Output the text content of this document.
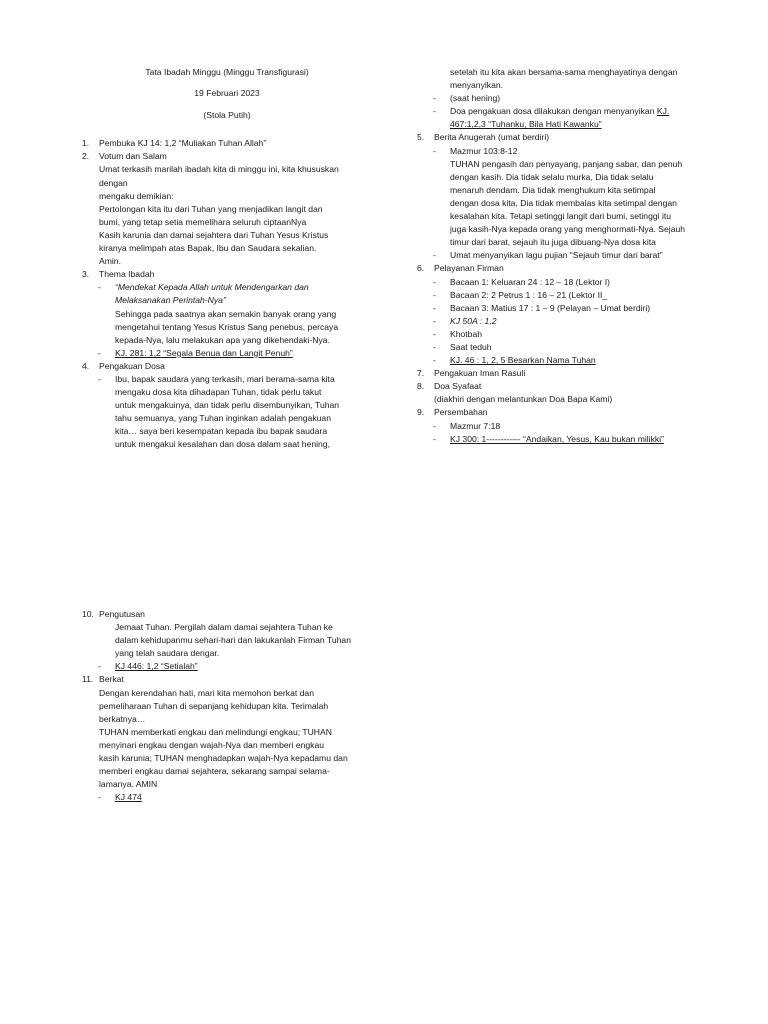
Tata Ibadah Minggu (Minggu Transfigurasi)
19 Februari 2023
(Stola Putih)
1. Pembuka KJ 14: 1,2 “Muliakan Tuhan Allah”
2. Votum dan Salam
Umat terkasih marilah ibadah kita di minggu ini, kita khususkan
dengan
mengaku demikian:
Pertolongan kita itu dari Tuhan yang menjadikan langit dan
bumi, yang tetap setia memelihara seluruh ciptaanNya
Kasih karunia dan damai sejahtera dari Tuhan Yesus Kristus
kiranya melimpah atas Bapak, Ibu dan Saudara sekalian.
Amin.
3. Thema Ibadah
- “Mendekat Kepada Allah untuk Mendengarkan dan
Melaksanakan Perintah-Nya”
Sehingga pada saatnya akan semakin banyak orang yang
mengetahui tentang Yesus Kristus Sang penebus, percaya
kepada-Nya, lalu melakukan apa yang dikehendaki-Nya.
- KJ. 281: 1,2 “Segala Benua dan Langit Penuh”
4. Pengakuan Dosa
- Ibu, bapak saudara yang terkasih, mari berama-sama kita
mengaku dosa kita dihadapan Tuhan, tidak perlu takut
untuk mengakuinya, dan tidak perlu disembunyikan, Tuhan
tahu semuanya, yang Tuhan inginkan adalah pengakuan
kita… saya beri kesempatan kepada ibu bapak saudara
untuk mengakui kesalahan dan dosa dalam saat hening,
setelah itu kita akan bersama-sama menghayatinya dengan
menyanyikan.
- (saat hening)
- Doa pengakuan dosa dilakukan dengan menyanyikan KJ.
467:1,2,3 “Tuhanku, Bila Hati Kawanku”
5. Berita Anugerah (umat berdiri)
- Mazmur 103:8-12
TUHAN pengasih dan penyayang, panjang sabar, dan penuh
dengan kasih. Dia tidak selalu murka, Dia tidak selalu
menaruh dendam. Dia tidak menghukum kita setimpal
dengan dosa kita, Dia tidak membalas kita setimpal dengan
kesalahan kita. Tetapi setinggi langit dari bumi, setinggi itu
juga kasih-Nya kepada orang yang menghormati-Nya. Sejauh
timur dari barat, sejauh itu juga dibuang-Nya dosa kita
- Umat menyanyikan lagu pujian “Sejauh timur dari barat”
6. Pelayanan Firman
- Bacaan 1: Keluaran 24 : 12 – 18 (Lektor I)
- Bacaan 2: 2 Petrus 1 : 16 – 21 (Lektor II_
- Bacaan 3: Matius 17 : 1 – 9 (Pelayan – Umat berdiri)
- KJ 50A : 1,2
- Khotbah
- Saat teduh
- KJ. 46 : 1, 2, 5 Besarkan Nama Tuhan
7. Pengakuan Iman Rasuli
8. Doa Syafaat
(diakhiri dengan melantunkan Doa Bapa Kami)
9. Persembahan
- Mazmur 7:18
- KJ 300: 1------------ “Andaikan, Yesus, Kau bukan milikki”
10. Pengutusan
Jemaat Tuhan. Pergilah dalam damai sejahtera Tuhan ke
dalam kehidupanmu sehari-hari dan lakukanlah Firman Tuhan
yang telah saudara dengar.
- KJ 446: 1,2 “Setialah”
11. Berkat
Dengan kerendahan hati, mari kita memohon berkat dan
pemeliharaan Tuhan di sepanjang kehidupan kita. Terimalah
berkatnya…
TUHAN memberkati engkau dan melindungi engkau; TUHAN
menyinari engkau dengan wajah-Nya dan memberi engkau
kasih karunia; TUHAN menghadapkan wajah-Nya kepadamu dan
memberi engkau damai sejahtera, sekarang sampai selama-
lamanya. AMIN
- KJ 474
